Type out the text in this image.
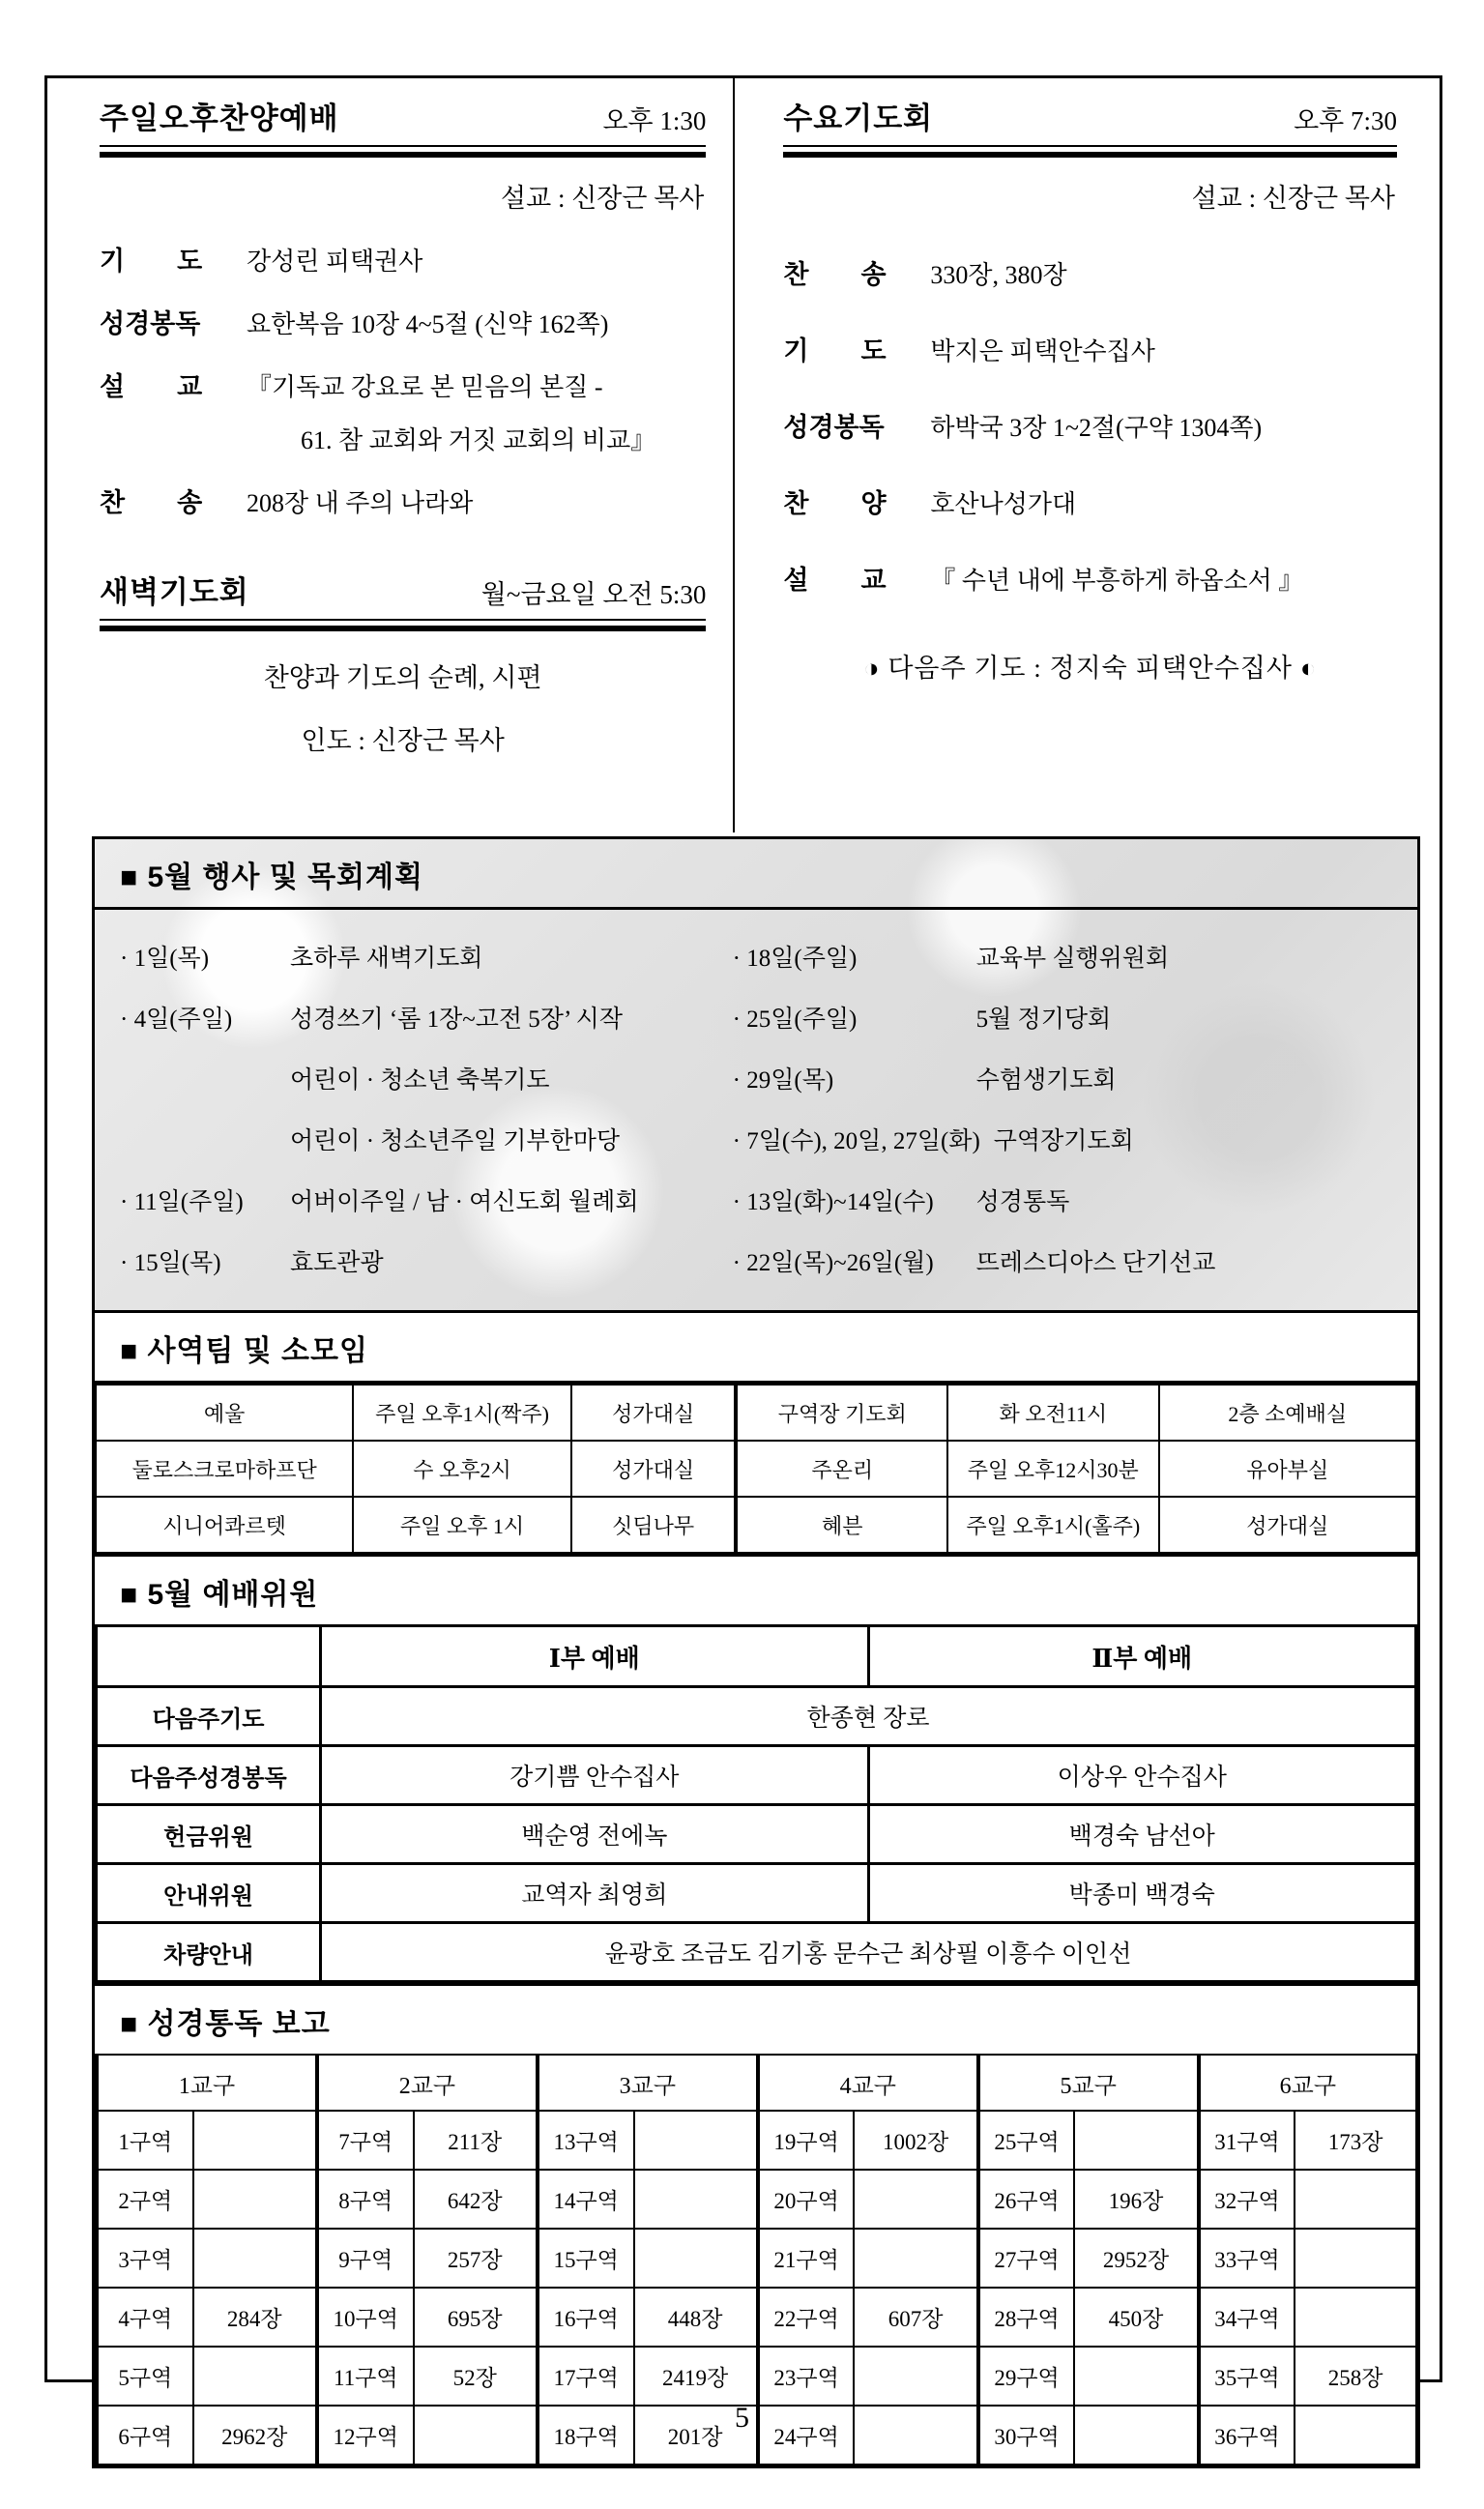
주일오후찬양예배	오후 1:30
설교 : 신장근 목사
기　　도	강성린 피택권사
성경봉독	요한복음 10장 4~5절 (신약 162쪽)
설　　교	『기독교 강요로 본 믿음의 본질 -
61. 참 교회와 거짓 교회의 비교』
찬　　송	208장 내 주의 나라와
새벽기도회	월~금요일 오전 5:30
찬양과 기도의 순례, 시편
인도 : 신장근 목사
수요기도회	오후 7:30
설교 : 신장근 목사
찬　　송	330장, 380장
기　　도	박지은 피택안수집사
성경봉독	하박국 3장 1~2절(구약 1304쪽)
찬　　양	호산나성가대
설　　교	『 수년 내에 부흥하게 하옵소서 』
◑ 다음주 기도 : 정지숙 피택안수집사 ◐
■ 5월 행사 및 목회계획
· 1일(목)	초하루 새벽기도회
· 4일(주일)	성경쓰기 ‘롬 1장~고전 5장’ 시작
어린이 · 청소년 축복기도
어린이 · 청소년주일 기부한마당
· 11일(주일)	어버이주일 / 남 · 여신도회 월례회
· 15일(목)	효도관광
· 18일(주일)	교육부 실행위원회
· 25일(주일)	5월 정기당회
· 29일(목)	수험생기도회
· 7일(수), 20일, 27일(화) 구역장기도회
· 13일(화)~14일(수)	성경통독
· 22일(목)~26일(월)	뜨레스디아스 단기선교
■ 사역팀 및 소모임
예울	주일 오후1시(짝주)	성가대실	구역장 기도회	화 오전11시	2층 소예배실
둘로스크로마하프단	수 오후2시	성가대실	주온리	주일 오후12시30분	유아부실
시니어콰르텟	주일 오후 1시	싯딤나무	혜븐	주일 오후1시(홀주)	성가대실
■ 5월 예배위원
	Ⅰ부 예배	Ⅱ부 예배
다음주기도	한종현 장로	
다음주성경봉독	강기쁨 안수집사	이상우 안수집사
헌금위원	백순영 전에녹	백경숙 남선아
안내위원	교역자 최영희	박종미 백경숙
차량안내	윤광호 조금도 김기홍 문수근 최상필 이흥수 이인선	
■ 성경통독 보고
1교구		2교구		3교구		4교구		5교구		6교구	
1구역		7구역	211장	13구역		19구역	1002장	25구역		31구역	173장
2구역		8구역	642장	14구역		20구역		26구역	196장	32구역	
3구역		9구역	257장	15구역		21구역		27구역	2952장	33구역	
4구역	284장	10구역	695장	16구역	448장	22구역	607장	28구역	450장	34구역	
5구역		11구역	52장	17구역	2419장	23구역		29구역		35구역	258장
6구역	2962장	12구역		18구역	201장	24구역		30구역		36구역	
5
